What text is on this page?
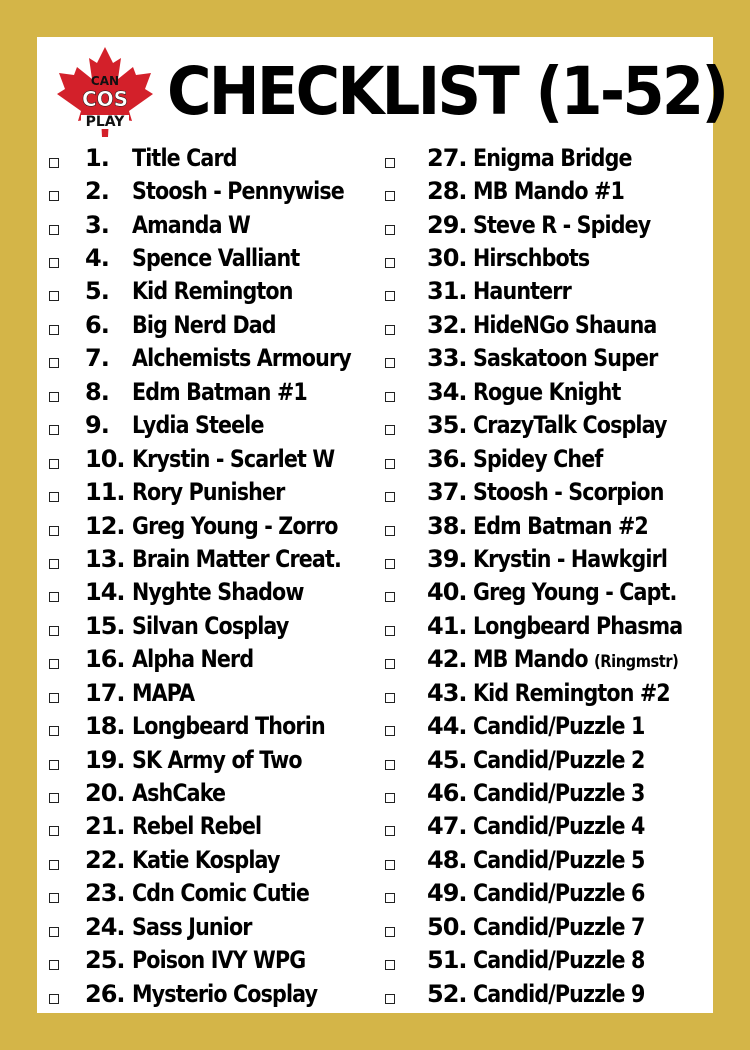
CAN
COS
PLAY CHECKLIST (1-52)
1. Title Card
2. Stoosh - Pennywise
3. Amanda W
4. Spence Valliant
5. Kid Remington
6. Big Nerd Dad
7. Alchemists Armoury
8. Edm Batman #1
9. Lydia Steele
10. Krystin - Scarlet W
11. Rory Punisher
12. Greg Young - Zorro
13. Brain Matter Creat.
14. Nyghte Shadow
15. Silvan Cosplay
16. Alpha Nerd
17. MAPA
18. Longbeard Thorin
19. SK Army of Two
20. AshCake
21. Rebel Rebel
22. Katie Kosplay
23. Cdn Comic Cutie
24. Sass Junior
25. Poison IVY WPG
26. Mysterio Cosplay
27. Enigma Bridge
28. MB Mando #1
29. Steve R - Spidey
30. Hirschbots
31. Haunterr
32. HideNGo Shauna
33. Saskatoon Super
34. Rogue Knight
35. CrazyTalk Cosplay
36. Spidey Chef
37. Stoosh - Scorpion
38. Edm Batman #2
39. Krystin - Hawkgirl
40. Greg Young - Capt.
41. Longbeard Phasma
42. MB Mando (Ringmstr)
43. Kid Remington #2
44. Candid/Puzzle 1
45. Candid/Puzzle 2
46. Candid/Puzzle 3
47. Candid/Puzzle 4
48. Candid/Puzzle 5
49. Candid/Puzzle 6
50. Candid/Puzzle 7
51. Candid/Puzzle 8
52. Candid/Puzzle 9
